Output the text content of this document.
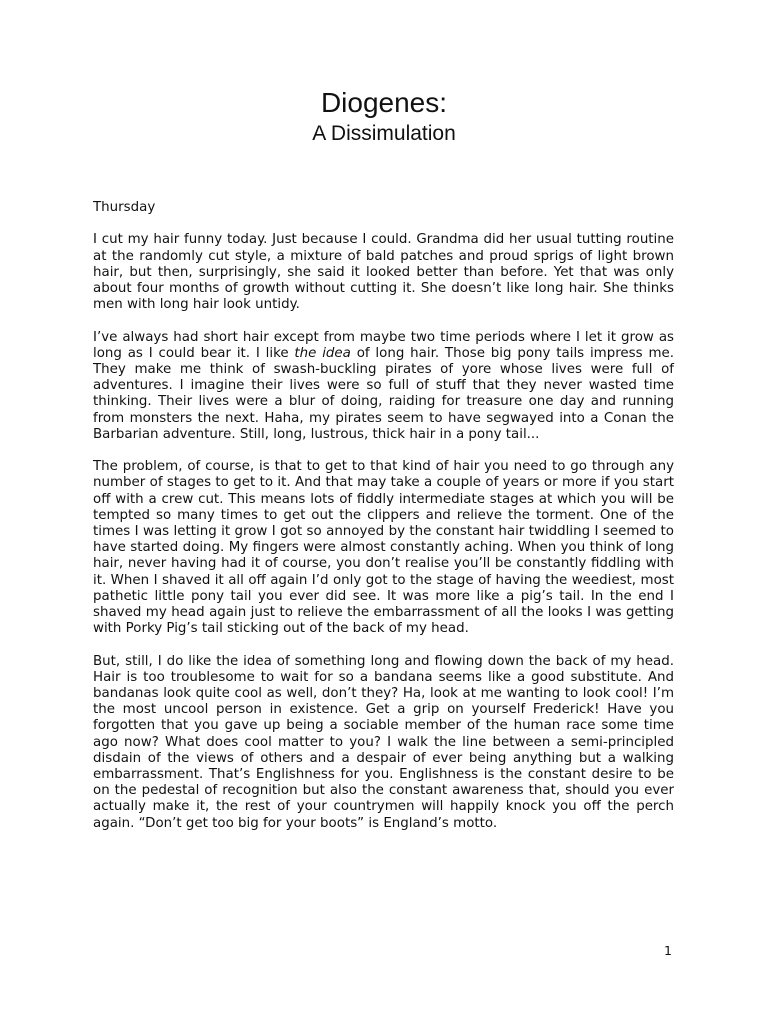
Diogenes:
A Dissimulation

Thursday

I cut my hair funny today. Just because I could. Grandma did her usual tutting routine at the randomly cut style, a mixture of bald patches and proud sprigs of light brown hair, but then, surprisingly, she said it looked better than before. Yet that was only about four months of growth without cutting it. She doesn’t like long hair. She thinks men with long hair look untidy.

I’ve always had short hair except from maybe two time periods where I let it grow as long as I could bear it. I like the idea of long hair. Those big pony tails impress me. They make me think of swash-buckling pirates of yore whose lives were full of adventures. I imagine their lives were so full of stuff that they never wasted time thinking. Their lives were a blur of doing, raiding for treasure one day and running from monsters the next. Haha, my pirates seem to have segwayed into a Conan the Barbarian adventure. Still, long, lustrous, thick hair in a pony tail...

The problem, of course, is that to get to that kind of hair you need to go through any number of stages to get to it. And that may take a couple of years or more if you start off with a crew cut. This means lots of fiddly intermediate stages at which you will be tempted so many times to get out the clippers and relieve the torment. One of the times I was letting it grow I got so annoyed by the constant hair twiddling I seemed to have started doing. My fingers were almost constantly aching. When you think of long hair, never having had it of course, you don’t realise you’ll be constantly fiddling with it. When I shaved it all off again I’d only got to the stage of having the weediest, most pathetic little pony tail you ever did see. It was more like a pig’s tail. In the end I shaved my head again just to relieve the embarrassment of all the looks I was getting with Porky Pig’s tail sticking out of the back of my head.

But, still, I do like the idea of something long and flowing down the back of my head. Hair is too troublesome to wait for so a bandana seems like a good substitute. And bandanas look quite cool as well, don’t they? Ha, look at me wanting to look cool! I’m the most uncool person in existence. Get a grip on yourself Frederick! Have you forgotten that you gave up being a sociable member of the human race some time ago now? What does cool matter to you? I walk the line between a semi-principled disdain of the views of others and a despair of ever being anything but a walking embarrassment. That’s Englishness for you. Englishness is the constant desire to be on the pedestal of recognition but also the constant awareness that, should you ever actually make it, the rest of your countrymen will happily knock you off the perch again. “Don’t get too big for your boots” is England’s motto.

1
